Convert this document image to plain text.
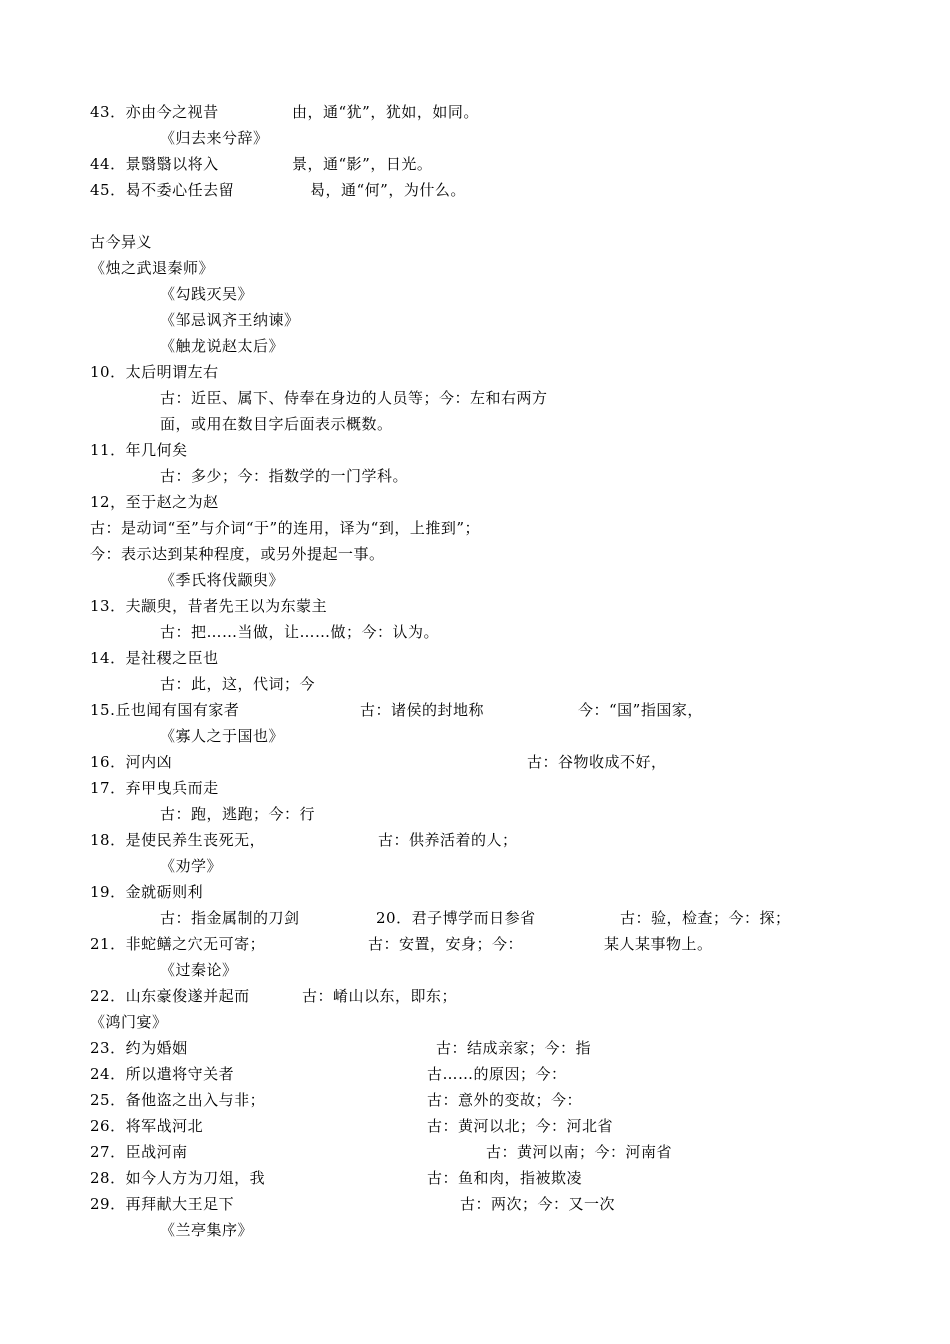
43．亦由今之视昔	由，通“犹”，犹如，如同。
《归去来兮辞》
44．景翳翳以将入	景，通“影”，日光。
45．曷不委心任去留	曷，通“何”，为什么。
古今异义
《烛之武退秦师》
《勾践灭吴》
《邹忌讽齐王纳谏》
《触龙说赵太后》
10．太后明谓左右
古：近臣、属下、侍奉在身边的人员等；今：左和右两方
面，或用在数目字后面表示概数。
11．年几何矣
古：多少；今：指数学的一门学科。
12，至于赵之为赵
古：是动词“至”与介词“于”的连用，译为“到，上推到”；
今：表示达到某种程度，或另外提起一事。
《季氏将伐颛臾》
13．夫颛臾，昔者先王以为东蒙主
古：把……当做，让……做；今：认为。
14．是社稷之臣也
古：此，这，代词；今
15.丘也闻有国有家者	古：诸侯的封地称	今：“国”指国家，
《寡人之于国也》
16．河内凶	古：谷物收成不好，
17．弃甲曳兵而走
古：跑，逃跑；今：行
18．是使民养生丧死无，	古：供养活着的人；
《劝学》
19．金就砺则利
古：指金属制的刀剑	20．君子博学而日参省	古：验，检查；今：探；
21．非蛇鳝之穴无可寄；	古：安置，安身；今：	某人某事物上。
《过秦论》
22．山东豪俊遂并起而	古：崤山以东，即东；
《鸿门宴》
23．约为婚姻	古：结成亲家；今：指
24．所以遣将守关者	古……的原因；今：
25．备他盗之出入与非；	古：意外的变故；今：
26．将军战河北	古：黄河以北；今：河北省
27．臣战河南	古：黄河以南；今：河南省
28．如今人方为刀俎，我	古：鱼和肉，指被欺凌
29．再拜献大王足下	古：两次；今：又一次
《兰亭集序》
